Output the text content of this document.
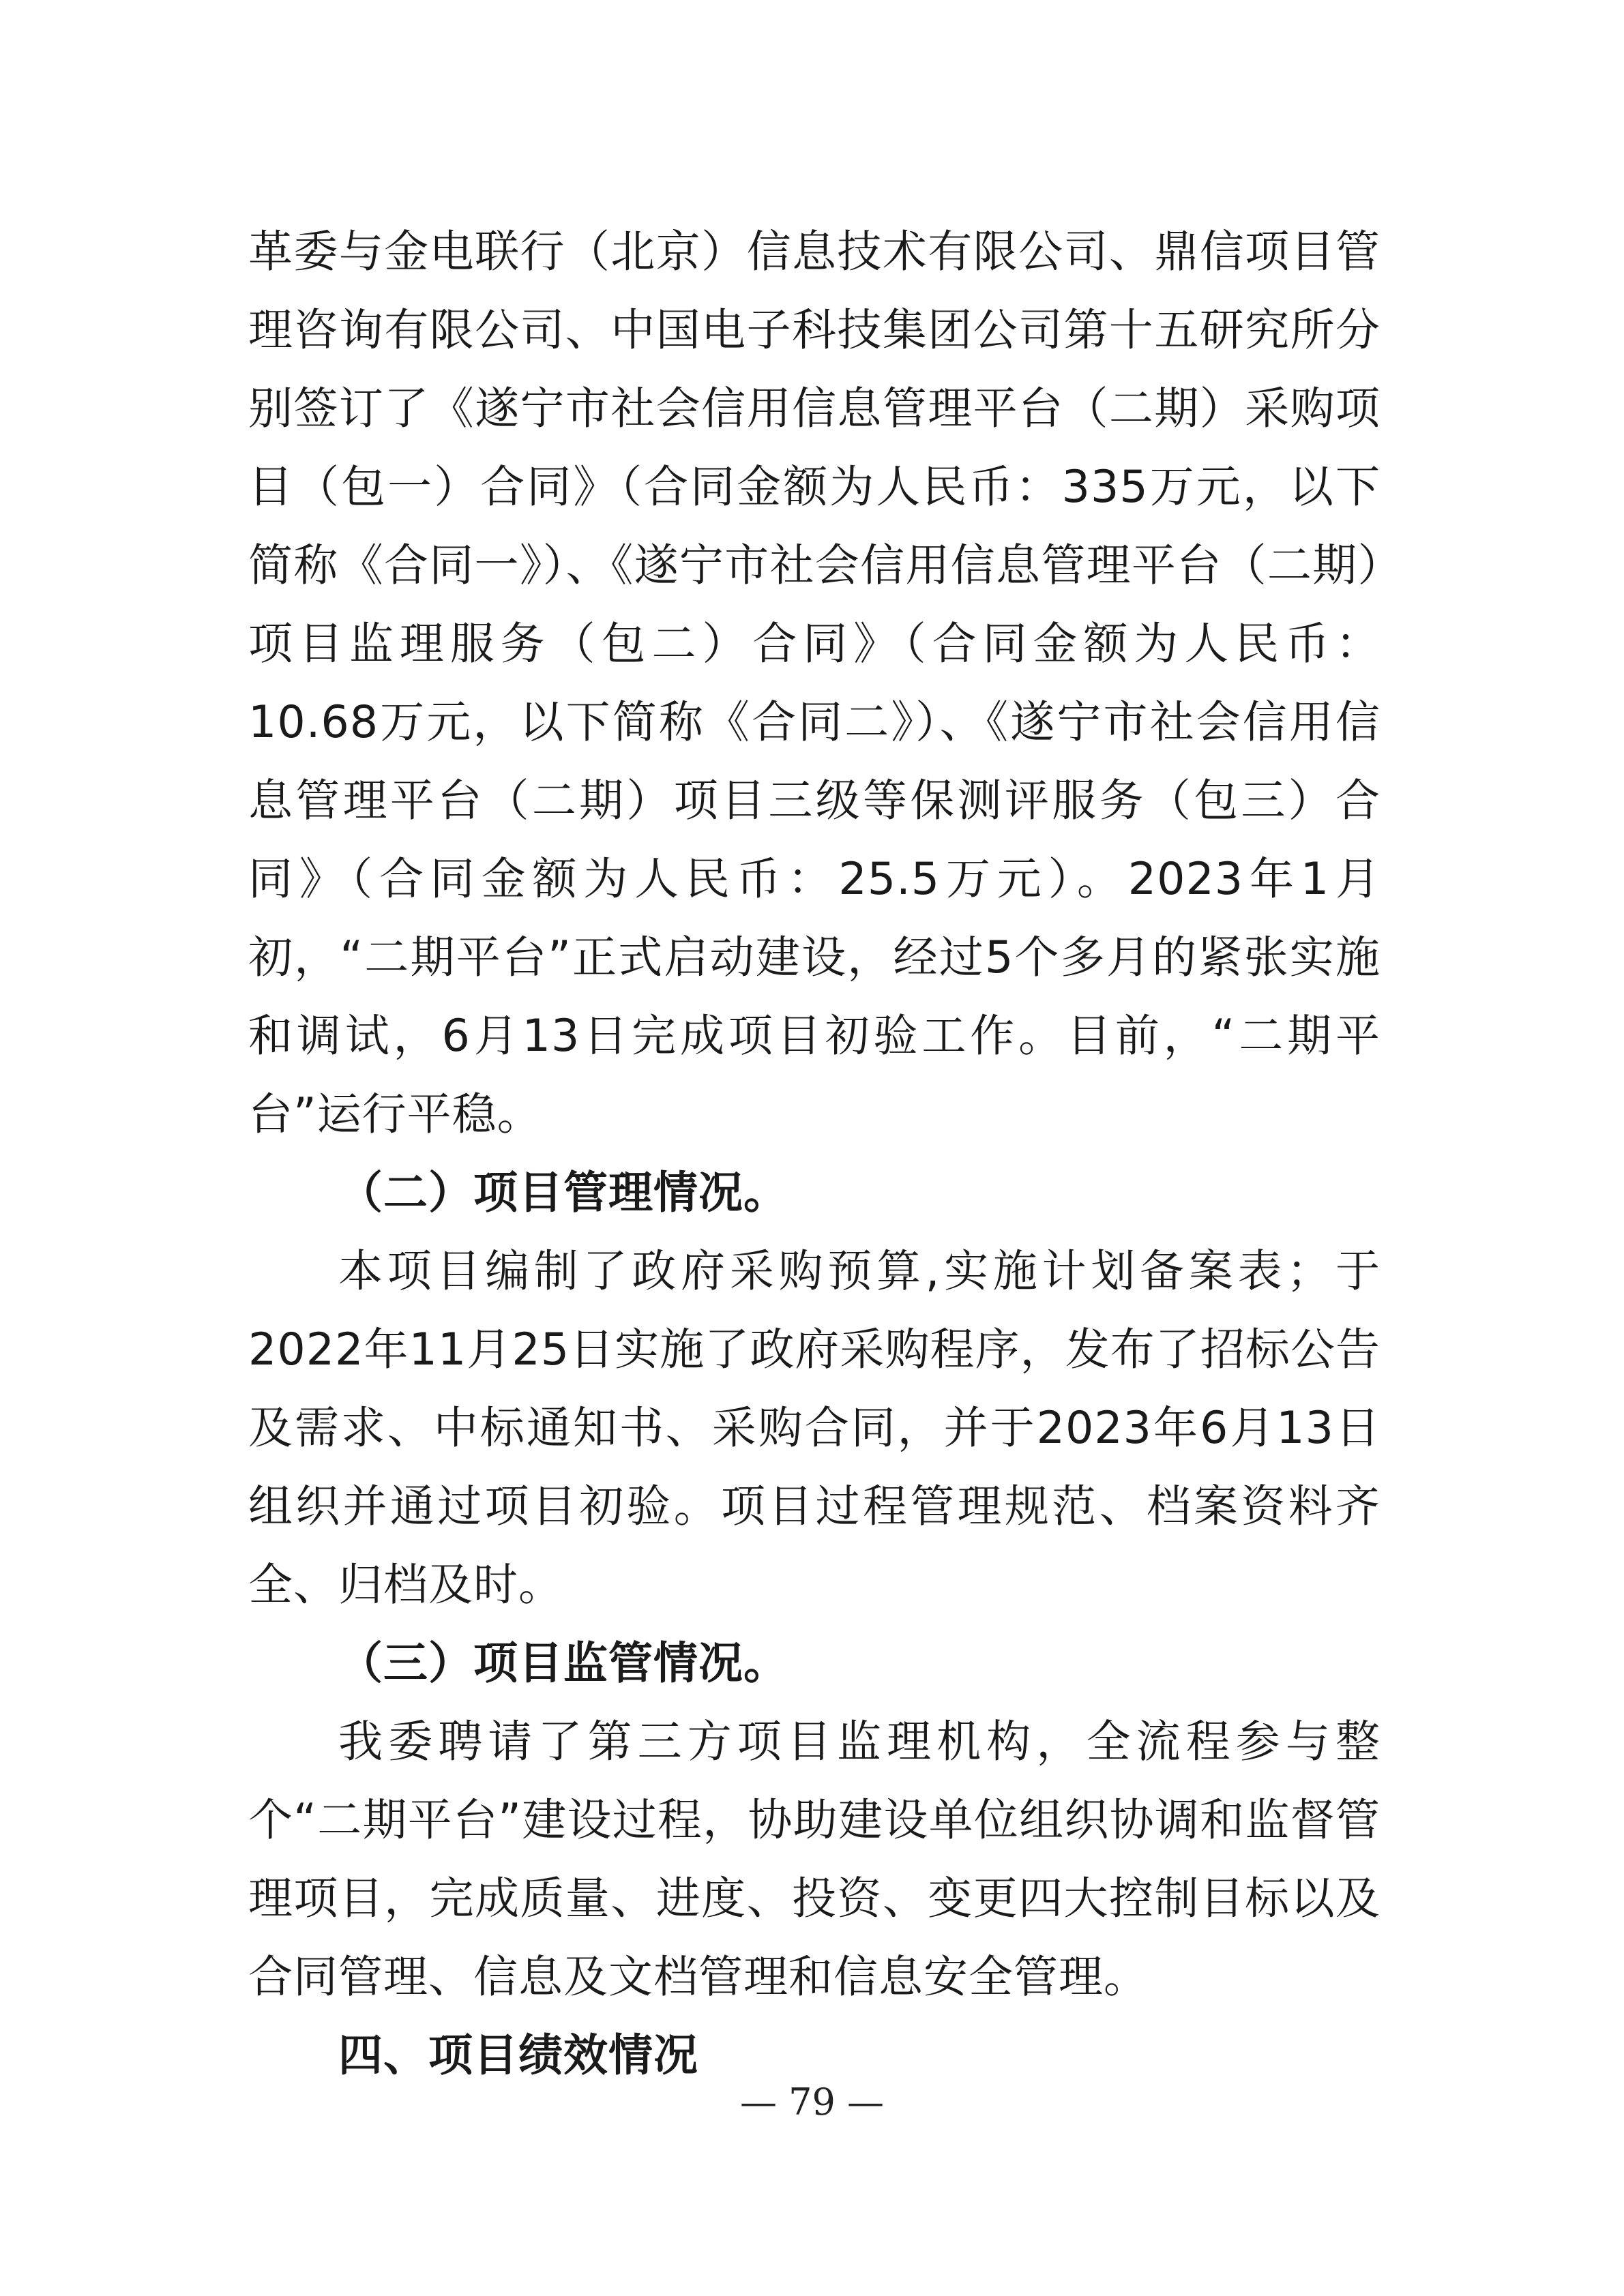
革委与金电联行（北京）信息技术有限公司、鼎信项目管理咨询有限公司、中国电子科技集团公司第十五研究所分别签订了《遂宁市社会信用信息管理平台（二期）采购项目（包一）合同》（合同金额为人民币：335万元，以下简称《合同一》）、《遂宁市社会信用信息管理平台（二期）项目监理服务（包二）合同》（合同金额为人民币：10.68万元，以下简称《合同二》）、《遂宁市社会信用信息管理平台（二期）项目三级等保测评服务（包三）合同》（合同金额为人民币：25.5万元）。2023年1月初，“二期平台”正式启动建设，经过5个多月的紧张实施和调试，6月13日完成项目初验工作。目前，“二期平台”运行平稳。

（二）项目管理情况。

本项目编制了政府采购预算,实施计划备案表；于2022年11月25日实施了政府采购程序，发布了招标公告及需求、中标通知书、采购合同，并于2023年6月13日组织并通过项目初验。项目过程管理规范、档案资料齐全、归档及时。

（三）项目监管情况。

我委聘请了第三方项目监理机构，全流程参与整个“二期平台”建设过程，协助建设单位组织协调和监督管理项目，完成质量、进度、投资、变更四大控制目标以及合同管理、信息及文档管理和信息安全管理。

四、项目绩效情况
— 79 —
